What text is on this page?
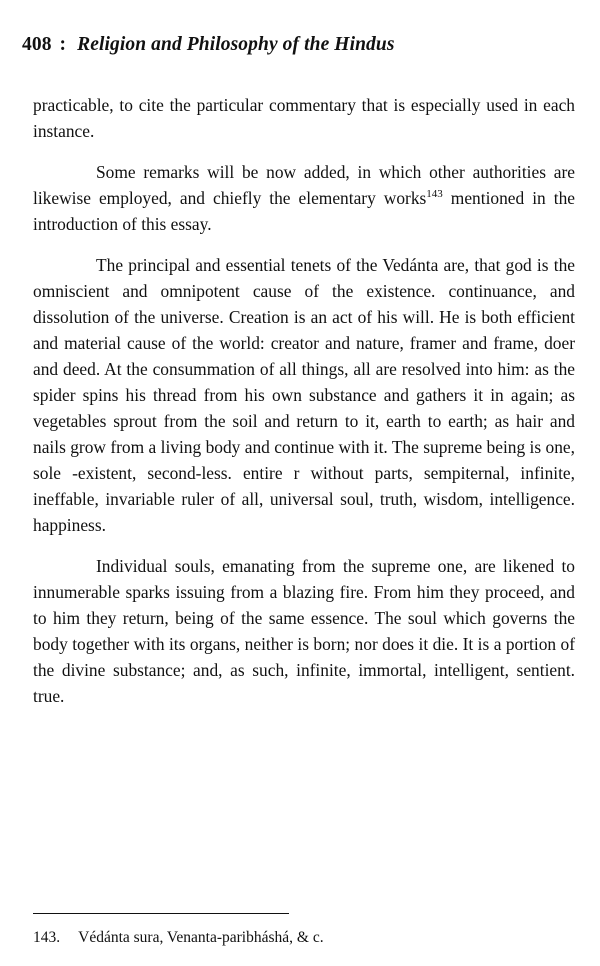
408 : Religion and Philosophy of the Hindus

practicable, to cite the particular commentary that is especially used in each instance.

Some remarks will be now added, in which other authorities are likewise employed, and chiefly the elementary works$^{143}$ mentioned in the introduction of this essay.

The principal and essential tenets of the Vedánta are, that god is the omniscient and omnipotent cause of the existence. continuance, and dissolution of the universe. Creation is an act of his will. He is both efficient and material cause of the world: creator and nature, framer and frame, doer and deed. At the consummation of all things, all are resolved into him: as the spider spins his thread from his own substance and gathers it in again; as vegetables sprout from the soil and return to it, earth to earth; as hair and nails grow from a living body and continue with it. The supreme being is one, sole -existent, second-less. entire r without parts, sempiternal, infinite, ineffable, invariable ruler of all, universal soul, truth, wisdom, intelligence. happiness.

Individual souls, emanating from the supreme one, are likened to innumerable sparks issuing from a blazing fire. From him they proceed, and to him they return, being of the same essence. The soul which governs the body together with its organs, neither is born; nor does it die. It is a portion of the divine substance; and, as such, infinite, immortal, intelligent, sentient. true.

143. Védánta sura, Venanta-paribháshá, & c.
